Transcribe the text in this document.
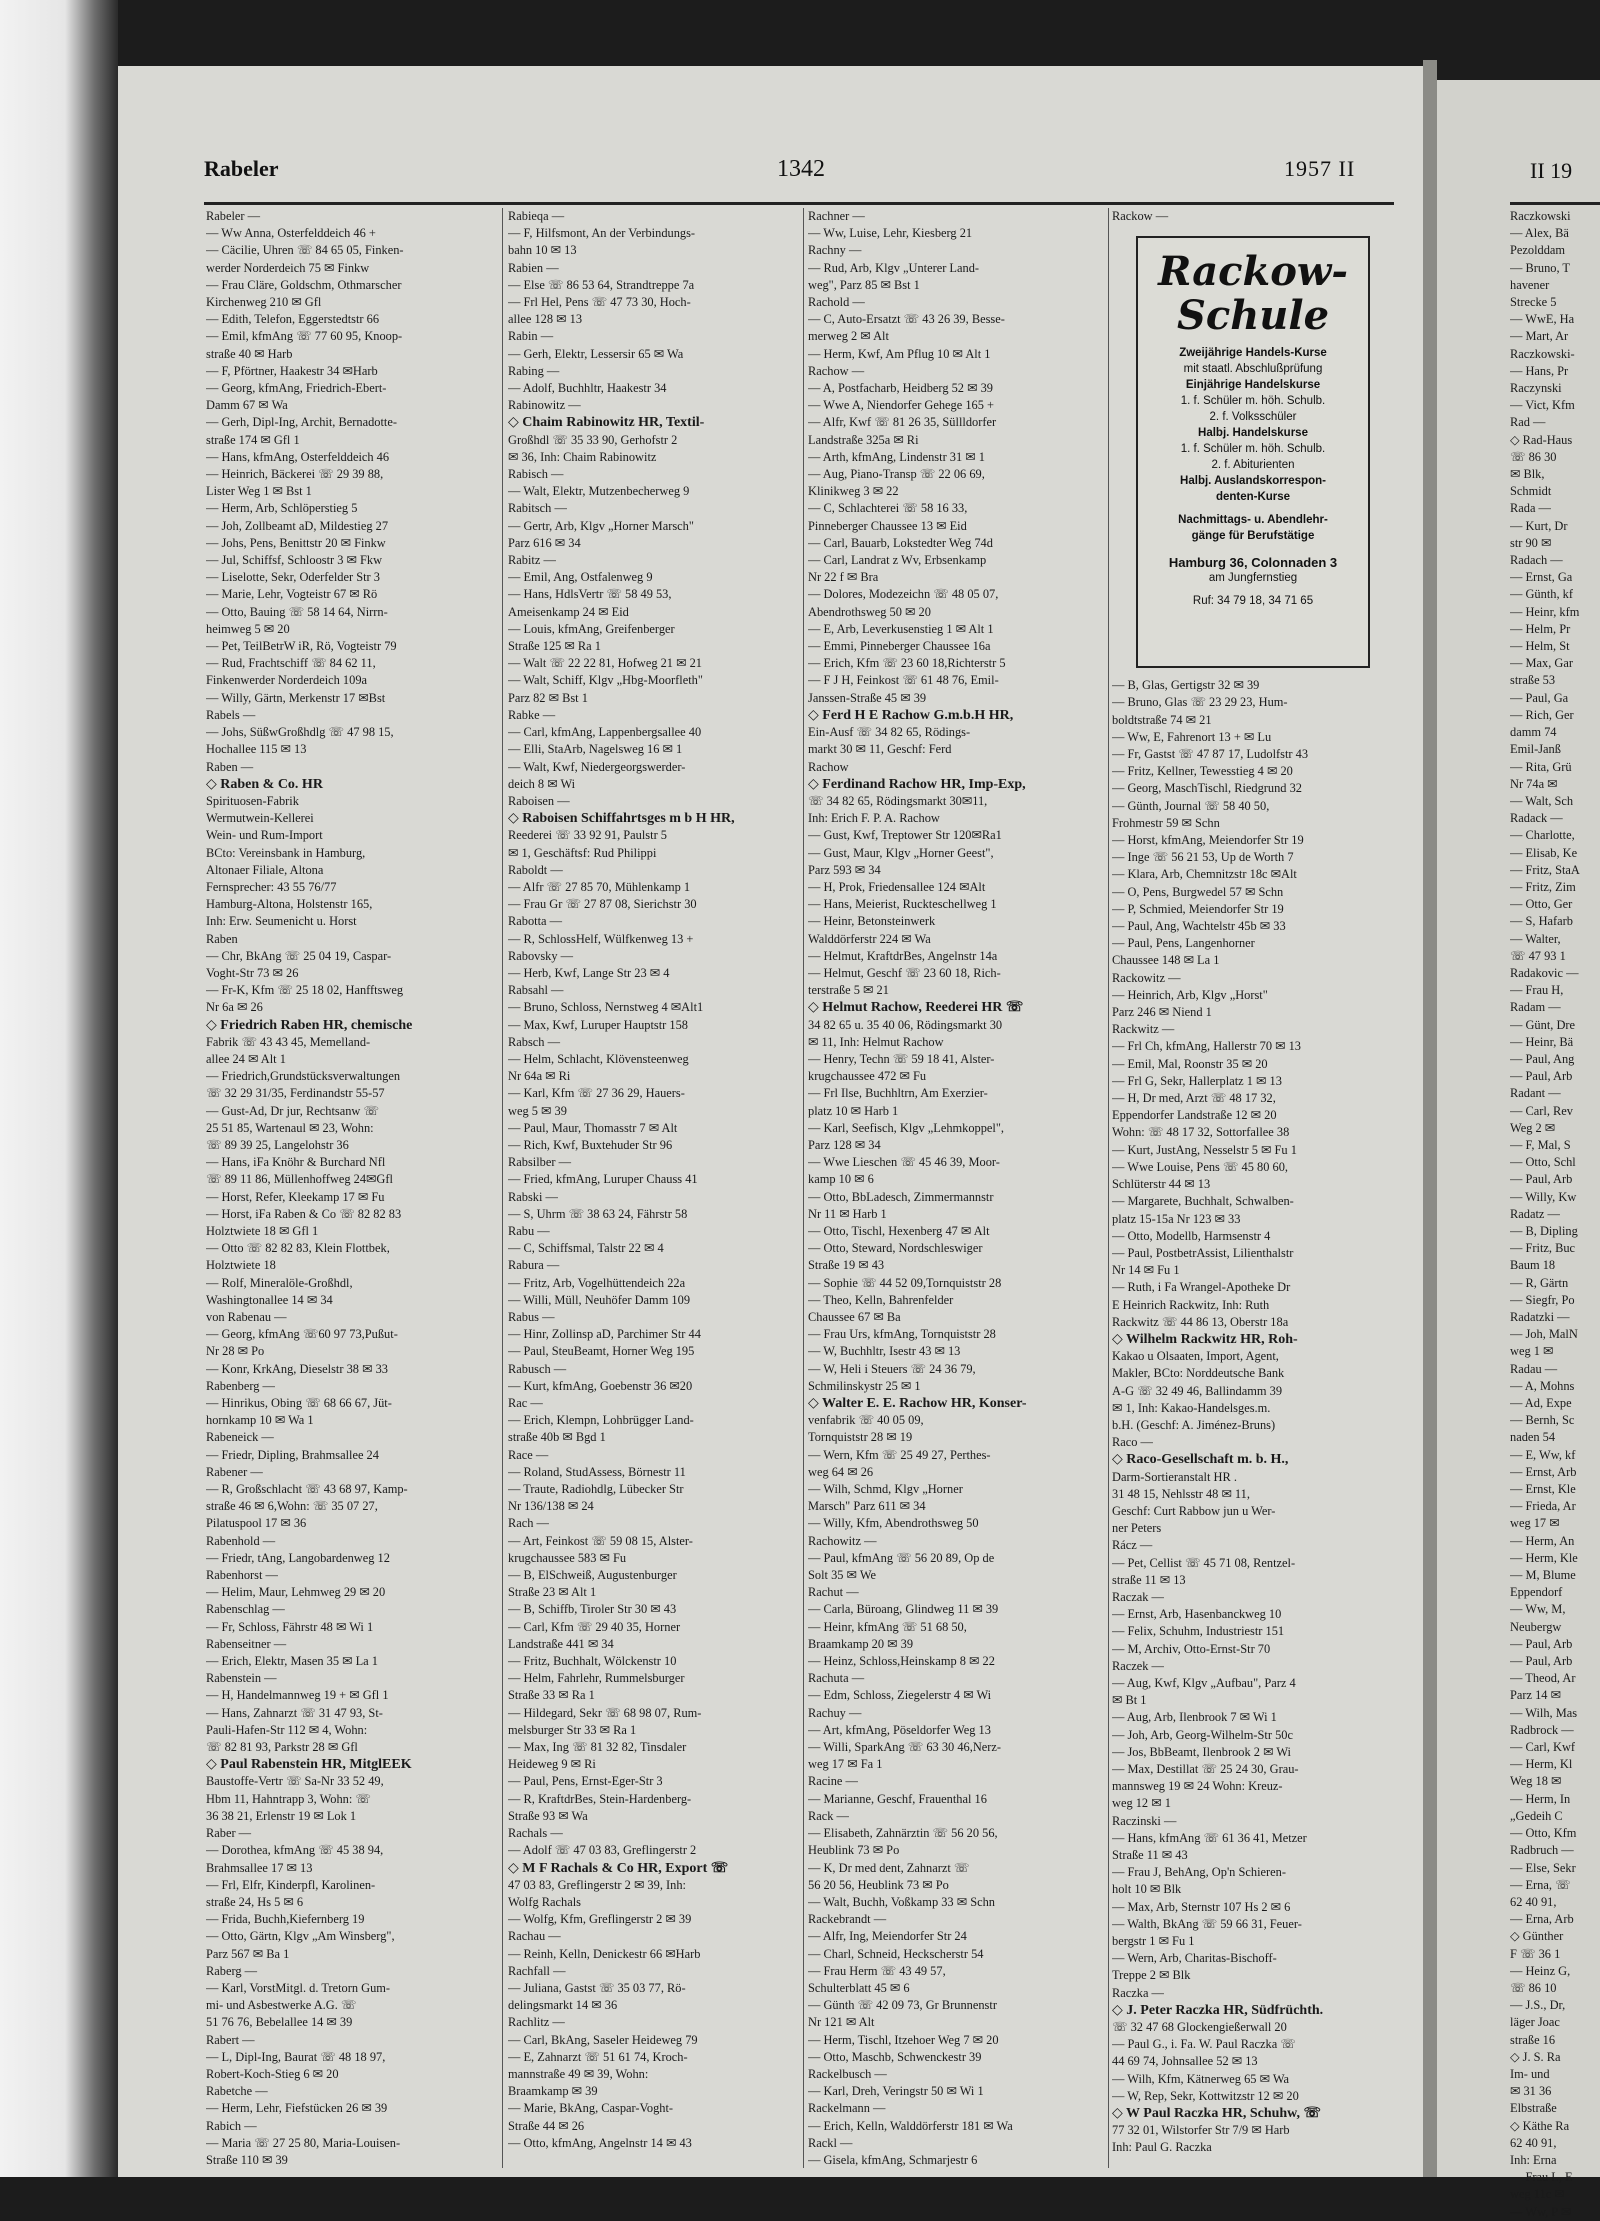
Rabeler	1342	1957 II	II 19

Rabeler —

— Ww Anna, Osterfelddeich 46 +

— Cäcilie, Uhren ☏ 84 65 05, Finken-

werder Norderdeich 75 ✉ Finkw

— Frau Cläre, Goldschm, Othmarscher

Kirchenweg 210 ✉ Gfl

— Edith, Telefon, Eggerstedtstr 66

— Emil, kfmAng ☏ 77 60 95, Knoop-

straße 40 ✉ Harb

— F, Pförtner, Haakestr 34 ✉Harb

— Georg, kfmAng, Friedrich-Ebert-

Damm 67 ✉ Wa

— Gerh, Dipl-Ing, Archit, Bernadotte-

straße 174 ✉ Gfl 1

— Hans, kfmAng, Osterfelddeich 46

— Heinrich, Bäckerei ☏ 29 39 88,

Lister Weg 1 ✉ Bst 1

— Herm, Arb, Schlöperstieg 5

— Joh, Zollbeamt aD, Mildestieg 27

— Johs, Pens, Benittstr 20 ✉ Finkw

— Jul, Schiffsf, Schloostr 3 ✉ Fkw

— Liselotte, Sekr, Oderfelder Str 3

— Marie, Lehr, Vogteistr 67 ✉ Rö

— Otto, Bauing ☏ 58 14 64, Nirrn-

heimweg 5 ✉ 20

— Pet, TeilBetrW iR, Rö, Vogteistr 79

— Rud, Frachtschiff ☏ 84 62 11,

Finkenwerder Norderdeich 109a

— Willy, Gärtn, Merkenstr 17 ✉Bst

Rabels —

— Johs, SüßwGroßhdlg ☏ 47 98 15,

Hochallee 115 ✉ 13

Raben —

◇ Raben & Co. HR

Spirituosen-Fabrik

Wermutwein-Kellerei

Wein- und Rum-Import

BCto: Vereinsbank in Hamburg,

Altonaer Filiale, Altona

Fernsprecher: 43 55 76/77

Hamburg-Altona, Holstenstr 165,

Inh: Erw. Seumenicht u. Horst

Raben

— Chr, BkAng ☏ 25 04 19, Caspar-

Voght-Str 73 ✉ 26

— Fr-K, Kfm ☏ 25 18 02, Hanfftsweg

Nr 6a ✉ 26

◇ Friedrich Raben HR, chemische

Fabrik ☏ 43 43 45, Memelland-

allee 24 ✉ Alt 1

— Friedrich,Grundstücksverwaltungen

☏ 32 29 31/35, Ferdinandstr 55-57

— Gust-Ad, Dr jur, Rechtsanw ☏

25 51 85, Wartenaul ✉ 23, Wohn:

☏ 89 39 25, Langelohstr 36

— Hans, iFa Knöhr & Burchard Nfl

☏ 89 11 86, Müllenhoffweg 24✉Gfl

— Horst, Refer, Kleekamp 17 ✉ Fu

— Horst, iFa Raben & Co ☏ 82 82 83

Holztwiete 18 ✉ Gfl 1

— Otto ☏ 82 82 83, Klein Flottbek,

Holztwiete 18

— Rolf, Mineralöle-Großhdl,

Washingtonallee 14 ✉ 34

von Rabenau —

— Georg, kfmAng ☏60 97 73,Pußut-

Nr 28 ✉ Po

— Konr, KrkAng, Dieselstr 38 ✉ 33

Rabenberg —

— Hinrikus, Obing ☏ 68 66 67, Jüt-

hornkamp 10 ✉ Wa 1

Rabeneick —

— Friedr, Dipling, Brahmsallee 24

Rabener —

— R, Großschlacht ☏ 43 68 97, Kamp-

straße 46 ✉ 6,Wohn: ☏ 35 07 27,

Pilatuspool 17 ✉ 36

Rabenhold —

— Friedr, tAng, Langobardenweg 12

Rabenhorst —

— Helim, Maur, Lehmweg 29 ✉ 20

Rabenschlag —

— Fr, Schloss, Fährstr 48 ✉ Wi 1

Rabenseitner —

— Erich, Elektr, Masen 35 ✉ La 1

Rabenstein —

— H, Handelmannweg 19 + ✉ Gfl 1

— Hans, Zahnarzt ☏ 31 47 93, St-

Pauli-Hafen-Str 112 ✉ 4, Wohn:

☏ 82 81 93, Parkstr 28 ✉ Gfl

◇ Paul Rabenstein HR, MitglEEK

Baustoffe-Vertr ☏ Sa-Nr 33 52 49,

Hbm 11, Hahntrapp 3, Wohn: ☏

36 38 21, Erlenstr 19 ✉ Lok 1

Raber —

— Dorothea, kfmAng ☏ 45 38 94,

Brahmsallee 17 ✉ 13

— Frl, Elfr, Kinderpfl, Karolinen-

straße 24, Hs 5 ✉ 6

— Frida, Buchh,Kiefernberg 19

— Otto, Gärtn, Klgv „Am Winsberg",

Parz 567 ✉ Ba 1

Raberg —

— Karl, VorstMitgl. d. Tretorn Gum-

mi- und Asbestwerke A.G. ☏

51 76 76, Bebelallee 14 ✉ 39

Rabert —

— L, Dipl-Ing, Baurat ☏ 48 18 97,

Robert-Koch-Stieg 6 ✉ 20

Rabetche —

— Herm, Lehr, Fiefstücken 26 ✉ 39

Rabich —

— Maria ☏ 27 25 80, Maria-Louisen-

Straße 110 ✉ 39

Rabieqa —

— F, Hilfsmont, An der Verbindungs-

bahn 10 ✉ 13

Rabien —

— Else ☏ 86 53 64, Strandtreppe 7a

— Frl Hel, Pens ☏ 47 73 30, Hoch-

allee 128 ✉ 13

Rabin —

— Gerh, Elektr, Lessersir 65 ✉ Wa

Rabing —

— Adolf, Buchhltr, Haakestr 34

Rabinowitz —

◇ Chaim Rabinowitz HR, Textil-

Großhdl ☏ 35 33 90, Gerhofstr 2

✉ 36, Inh: Chaim Rabinowitz

Rabisch —

— Walt, Elektr, Mutzenbecherweg 9

Rabitsch —

— Gertr, Arb, Klgv „Horner Marsch"

Parz 616 ✉ 34

Rabitz —

— Emil, Ang, Ostfalenweg 9

— Hans, HdlsVertr ☏ 58 49 53,

Ameisenkamp 24 ✉ Eid

— Louis, kfmAng, Greifenberger

Straße 125 ✉ Ra 1

— Walt ☏ 22 22 81, Hofweg 21 ✉ 21

— Walt, Schiff, Klgv „Hbg-Moorfleth"

Parz 82 ✉ Bst 1

Rabke —

— Carl, kfmAng, Lappenbergsallee 40

— Elli, StaArb, Nagelsweg 16 ✉ 1

— Walt, Kwf, Niedergeorgswerder-

deich 8 ✉ Wi

Raboisen —

◇ Raboisen Schiffahrtsges m b H HR,

Reederei ☏ 33 92 91, Paulstr 5

✉ 1, Geschäftsf: Rud Philippi

Raboldt —

— Alfr ☏ 27 85 70, Mühlenkamp 1

— Frau Gr ☏ 27 87 08, Sierichstr 30

Rabotta —

— R, SchlossHelf, Wülfkenweg 13 +

Rabovsky —

— Herb, Kwf, Lange Str 23 ✉ 4

Rabsahl —

— Bruno, Schloss, Nernstweg 4 ✉Alt1

— Max, Kwf, Luruper Hauptstr 158

Rabsch —

— Helm, Schlacht, Klövensteenweg

Nr 64a ✉ Ri

— Karl, Kfm ☏ 27 36 29, Hauers-

weg 5 ✉ 39

— Paul, Maur, Thomasstr 7 ✉ Alt

— Rich, Kwf, Buxtehuder Str 96

Rabsilber —

— Fried, kfmAng, Luruper Chauss 41

Rabski —

— S, Uhrm ☏ 38 63 24, Fährstr 58

Rabu —

— C, Schiffsmal, Talstr 22 ✉ 4

Rabura —

— Fritz, Arb, Vogelhüttendeich 22a

— Willi, Müll, Neuhöfer Damm 109

Rabus —

— Hinr, Zollinsp aD, Parchimer Str 44

— Paul, SteuBeamt, Horner Weg 195

Rabusch —

— Kurt, kfmAng, Goebenstr 36 ✉20

Rac —

— Erich, Klempn, Lohbrügger Land-

straße 40b ✉ Bgd 1

Race —

— Roland, StudAssess, Börnestr 11

— Traute, Radiohdlg, Lübecker Str

Nr 136/138 ✉ 24

Rach —

— Art, Feinkost ☏ 59 08 15, Alster-

krugchaussee 583 ✉ Fu

— B, ElSchweiß, Augustenburger

Straße 23 ✉ Alt 1

— B, Schiffb, Tiroler Str 30 ✉ 43

— Carl, Kfm ☏ 29 40 35, Horner

Landstraße 441 ✉ 34

— Fritz, Buchhalt, Wölckenstr 10

— Helm, Fahrlehr, Rummelsburger

Straße 33 ✉ Ra 1

— Hildegard, Sekr ☏ 68 98 07, Rum-

melsburger Str 33 ✉ Ra 1

— Max, Ing ☏ 81 32 82, Tinsdaler

Heideweg 9 ✉ Ri

— Paul, Pens, Ernst-Eger-Str 3

— R, KraftdrBes, Stein-Hardenberg-

Straße 93 ✉ Wa

Rachals —

— Adolf ☏ 47 03 83, Greflingerstr 2

◇ M F Rachals & Co HR, Export ☏

47 03 83, Greflingerstr 2 ✉ 39, Inh:

Wolfg Rachals

— Wolfg, Kfm, Greflingerstr 2 ✉ 39

Rachau —

— Reinh, Kelln, Denickestr 66 ✉Harb

Rachfall —

— Juliana, Gastst ☏ 35 03 77, Rö-

delingsmarkt 14 ✉ 36

Rachlitz —

— Carl, BkAng, Saseler Heideweg 79

— E, Zahnarzt ☏ 51 61 74, Kroch-

mannstraße 49 ✉ 39, Wohn:

Braamkamp ✉ 39

— Marie, BkAng, Caspar-Voght-

Straße 44 ✉ 26

— Otto, kfmAng, Angelnstr 14 ✉ 43

Rachner —

— Ww, Luise, Lehr, Kiesberg 21

Rachny —

— Rud, Arb, Klgv „Unterer Land-

weg", Parz 85 ✉ Bst 1

Rachold —

— C, Auto-Ersatzt ☏ 43 26 39, Besse-

merweg 2 ✉ Alt

— Herm, Kwf, Am Pflug 10 ✉ Alt 1

Rachow —

— A, Postfacharb, Heidberg 52 ✉ 39

— Wwe A, Niendorfer Gehege 165 +

— Alfr, Kwf ☏ 81 26 35, Süllldorfer

Landstraße 325a ✉ Ri

— Arth, kfmAng, Lindenstr 31 ✉ 1

— Aug, Piano-Transp ☏ 22 06 69,

Klinikweg 3 ✉ 22

— C, Schlachterei ☏ 58 16 33,

Pinneberger Chaussee 13 ✉ Eid

— Carl, Bauarb, Lokstedter Weg 74d

— Carl, Landrat z Wv, Erbsenkamp

Nr 22 f ✉ Bra

— Dolores, Modezeichn ☏ 48 05 07,

Abendrothsweg 50 ✉ 20

— E, Arb, Leverkusenstieg 1 ✉ Alt 1

— Emmi, Pinneberger Chaussee 16a

— Erich, Kfm ☏ 23 60 18,Richterstr 5

— F J H, Feinkost ☏ 61 48 76, Emil-

Janssen-Straße 45 ✉ 39

◇ Ferd H E Rachow G.m.b.H HR,

Ein-Ausf ☏ 34 82 65, Rödings-

markt 30 ✉ 11, Geschf: Ferd

Rachow

◇ Ferdinand Rachow HR, Imp-Exp,

☏ 34 82 65, Rödingsmarkt 30✉11,

Inh: Erich F. P. A. Rachow

— Gust, Kwf, Treptower Str 120✉Ra1

— Gust, Maur, Klgv „Horner Geest",

Parz 593 ✉ 34

— H, Prok, Friedensallee 124 ✉Alt

— Hans, Meierist, Ruckteschellweg 1

— Heinr, Betonsteinwerk

Walddörferstr 224 ✉ Wa

— Helmut, KraftdrBes, Angelnstr 14a

— Helmut, Geschf ☏ 23 60 18, Rich-

terstraße 5 ✉ 21

◇ Helmut Rachow, Reederei HR ☏

34 82 65 u. 35 40 06, Rödingsmarkt 30

✉ 11, Inh: Helmut Rachow

— Henry, Techn ☏ 59 18 41, Alster-

krugchaussee 472 ✉ Fu

— Frl Ilse, Buchhltrn, Am Exerzier-

platz 10 ✉ Harb 1

— Karl, Seefisch, Klgv „Lehmkoppel",

Parz 128 ✉ 34

— Wwe Lieschen ☏ 45 46 39, Moor-

kamp 10 ✉ 6

— Otto, BbLadesch, Zimmermannstr

Nr 11 ✉ Harb 1

— Otto, Tischl, Hexenberg 47 ✉ Alt

— Otto, Steward, Nordschleswiger

Straße 19 ✉ 43

— Sophie ☏ 44 52 09,Tornquiststr 28

— Theo, Kelln, Bahrenfelder

Chaussee 67 ✉ Ba

— Frau Urs, kfmAng, Tornquiststr 28

— W, Buchhltr, Isestr 43 ✉ 13

— W, Heli i Steuers ☏ 24 36 79,

Schmilinskystr 25 ✉ 1

◇ Walter E. E. Rachow HR, Konser-

venfabrik ☏ 40 05 09,

Tornquiststr 28 ✉ 19

— Wern, Kfm ☏ 25 49 27, Perthes-

weg 64 ✉ 26

— Wilh, Schmd, Klgv „Horner

Marsch" Parz 611 ✉ 34

— Willy, Kfm, Abendrothsweg 50

Rachowitz —

— Paul, kfmAng ☏ 56 20 89, Op de

Solt 35 ✉ We

Rachut —

— Carla, Büroang, Glindweg 11 ✉ 39

— Heinr, kfmAng ☏ 51 68 50,

Braamkamp 20 ✉ 39

— Heinz, Schloss,Heinskamp 8 ✉ 22

Rachuta —

— Edm, Schloss, Ziegelerstr 4 ✉ Wi

Rachuy —

— Art, kfmAng, Pöseldorfer Weg 13

— Willi, SparkAng ☏ 63 30 46,Nerz-

weg 17 ✉ Fa 1

Racine —

— Marianne, Geschf, Frauenthal 16

Rack —

— Elisabeth, Zahnärztin ☏ 56 20 56,

Heublink 73 ✉ Po

— K, Dr med dent, Zahnarzt ☏

56 20 56, Heublink 73 ✉ Po

— Walt, Buchh, Voßkamp 33 ✉ Schn

Rackebrandt —

— Alfr, Ing, Meiendorfer Str 24

— Charl, Schneid, Heckscherstr 54

— Frau Herm ☏ 43 49 57,

Schulterblatt 45 ✉ 6

— Günth ☏ 42 09 73, Gr Brunnenstr

Nr 121 ✉ Alt

— Herm, Tischl, Itzehoer Weg 7 ✉ 20

— Otto, Maschb, Schwenckestr 39

Rackelbusch —

— Karl, Dreh, Veringstr 50 ✉ Wi 1

Rackelmann —

— Erich, Kelln, Walddörferstr 181 ✉ Wa

Rackl —

— Gisela, kfmAng, Schmarjestr 6

Rackow —

— B, Glas, Gertigstr 32 ✉ 39

— Bruno, Glas ☏ 23 29 23, Hum-

boldtstraße 74 ✉ 21

— Ww, E, Fahrenort 13 + ✉ Lu

— Fr, Gastst ☏ 47 87 17, Ludolfstr 43

— Fritz, Kellner, Tewesstieg 4 ✉ 20

— Georg, MaschTischl, Riedgrund 32

— Günth, Journal ☏ 58 40 50,

Frohmestr 59 ✉ Schn

— Horst, kfmAng, Meiendorfer Str 19

— Inge ☏ 56 21 53, Up de Worth 7

— Klara, Arb, Chemnitzstr 18c ✉Alt

— O, Pens, Burgwedel 57 ✉ Schn

— P, Schmied, Meiendorfer Str 19

— Paul, Ang, Wachtelstr 45b ✉ 33

— Paul, Pens, Langenhorner

Chaussee 148 ✉ La 1

Rackowitz —

— Heinrich, Arb, Klgv „Horst"

Parz 246 ✉ Niend 1

Rackwitz —

— Frl Ch, kfmAng, Hallerstr 70 ✉ 13

— Emil, Mal, Roonstr 35 ✉ 20

— Frl G, Sekr, Hallerplatz 1 ✉ 13

— H, Dr med, Arzt ☏ 48 17 32,

Eppendorfer Landstraße 12 ✉ 20

Wohn: ☏ 48 17 32, Sottorfallee 38

— Kurt, JustAng, Nesselstr 5 ✉ Fu 1

— Wwe Louise, Pens ☏ 45 80 60,

Schlüterstr 44 ✉ 13

— Margarete, Buchhalt, Schwalben-

platz 15-15a Nr 123 ✉ 33

— Otto, Modellb, Harmsenstr 4

— Paul, PostbetrAssist, Lilienthalstr

Nr 14 ✉ Fu 1

— Ruth, i Fa Wrangel-Apotheke Dr

E Heinrich Rackwitz, Inh: Ruth

Rackwitz ☏ 44 86 13, Oberstr 18a

◇ Wilhelm Rackwitz HR, Roh-

Kakao u Olsaaten, Import, Agent,

Makler, BCto: Norddeutsche Bank

A-G ☏ 32 49 46, Ballindamm 39

✉ 1, Inh: Kakao-Handelsges.m.

b.H. (Geschf: A. Jiménez-Bruns)

Raco —

◇ Raco-Gesellschaft m. b. H.,

Darm-Sortieranstalt HR .

31 48 15, Nehlsstr 48 ✉ 11,

Geschf: Curt Rabbow jun u Wer-

ner Peters

Rácz —

— Pet, Cellist ☏ 45 71 08, Rentzel-

straße 11 ✉ 13

Raczak —

— Ernst, Arb, Hasenbanckweg 10

— Felix, Schuhm, Industriestr 151

— M, Archiv, Otto-Ernst-Str 70

Raczek —

— Aug, Kwf, Klgv „Aufbau", Parz 4

✉ Bt 1

— Aug, Arb, Ilenbrook 7 ✉ Wi 1

— Joh, Arb, Georg-Wilhelm-Str 50c

— Jos, BbBeamt, Ilenbrook 2 ✉ Wi

— Max, Destillat ☏ 25 24 30, Grau-

mannsweg 19 ✉ 24 Wohn: Kreuz-

weg 12 ✉ 1

Raczinski —

— Hans, kfmAng ☏ 61 36 41, Metzer

Straße 11 ✉ 43

— Frau J, BehAng, Op'n Schieren-

holt 10 ✉ Blk

— Max, Arb, Sternstr 107 Hs 2 ✉ 6

— Walth, BkAng ☏ 59 66 31, Feuer-

bergstr 1 ✉ Fu 1

— Wern, Arb, Charitas-Bischoff-

Treppe 2 ✉ Blk

Raczka —

◇ J. Peter Raczka HR, Südfrüchth.

☏ 32 47 68 Glockengießerwall 20

— Paul G., i. Fa. W. Paul Raczka ☏

44 69 74, Johnsallee 52 ✉ 13

— Wilh, Kfm, Kätnerweg 65 ✉ Wa

— W, Rep, Sekr, Kottwitzstr 12 ✉ 20

◇ W Paul Raczka HR, Schuhw, ☏

77 32 01, Wilstorfer Str 7/9 ✉ Harb

Inh: Paul G. Raczka

Rackow-
Schule
Zweijährige Handels-Kurse
mit staatl. Abschlußprüfung
Einjährige Handelskurse
1. f. Schüler m. höh. Schulb.
2. f. Volksschüler
Halbj. Handelskurse
1. f. Schüler m. höh. Schulb.
2. f. Abiturienten
Halbj. Auslandskorrespon-
denten-Kurse
Nachmittags- u. Abendlehr-
gänge für Berufstätige
Hamburg 36, Colonnaden 3
am Jungfernstieg
Ruf: 34 79 18, 34 71 65

Raczkowski

— Alex, Bä

Pezolddam

— Bruno, T

havener

Strecke 5

— WwE, Ha

— Mart, Ar

Raczkowski-

— Hans, Pr

Raczynski

— Vict, Kfm

Rad —

◇ Rad-Haus

☏ 86 30

✉ Blk,

Schmidt

Rada —

— Kurt, Dr

str 90 ✉

Radach —

— Ernst, Ga

— Günth, kf

— Heinr, kfm

— Helm, Pr

— Helm, St

— Max, Gar

straße 53

— Paul, Ga

— Rich, Ger

damm 74

Emil-Janß

— Rita, Grü

Nr 74a ✉

— Walt, Sch

Radack —

— Charlotte,

— Elisab, Ke

— Fritz, StaA

— Fritz, Zim

— Otto, Ger

— S, Hafarb

— Walter,

☏ 47 93 1

Radakovic —

— Frau H,

Radam —

— Günt, Dre

— Heinr, Bä

— Paul, Ang

— Paul, Arb

Radant —

— Carl, Rev

Weg 2 ✉

— F, Mal, S

— Otto, Schl

— Paul, Arb

— Willy, Kw

Radatz —

— B, Dipling

— Fritz, Buc

Baum 18

— R, Gärtn

— Siegfr, Po

Radatzki —

— Joh, MalN

weg 1 ✉

Radau —

— A, Mohns

— Ad, Expe

— Bernh, Sc

naden 54

— E, Ww, kf

— Ernst, Arb

— Ernst, Kle

— Frieda, Ar

weg 17 ✉

— Herm, An

— Herm, Kle

— M, Blume

Eppendorf

— Ww, M,

Neubergw

— Paul, Arb

— Paul, Arb

— Theod, Ar

Parz 14 ✉

— Wilh, Mas

Radbrock —

— Carl, Kwf

— Herm, Kl

Weg 18 ✉

— Herm, In

„Gedeih C

— Otto, Kfm

Radbruch —

— Else, Sekr

— Erna, ☏

62 40 91,

— Erna, Arb

◇ Günther

F ☏ 36 1

— Heinz G,

☏ 86 10

— J.S., Dr,

läger Joac

straße 16

◇ J. S. Ra

Im- und

✉ 31 36

Elbstraße

◇ Käthe Ra

62 40 91,

Inh: Erna

— Frau L, E

weg 11c ✉

— Ww, P ✉
